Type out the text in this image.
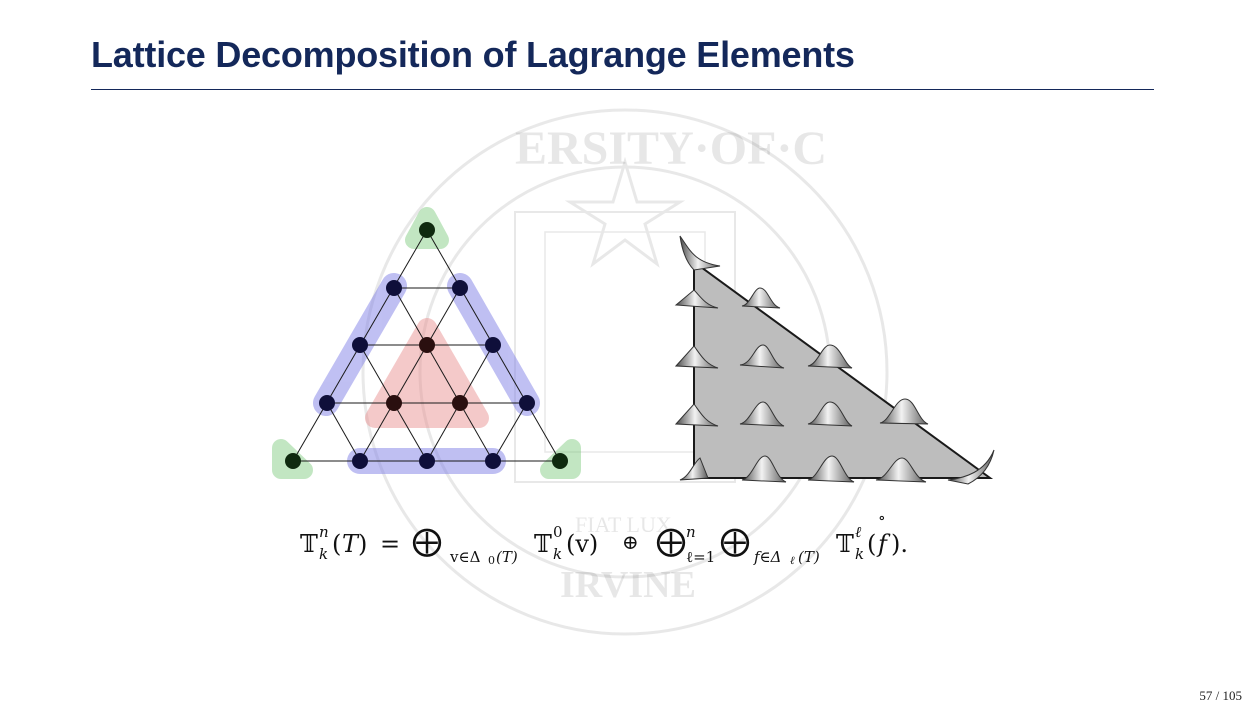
Lattice Decomposition of Lagrange Elements
ERSITY·OF·C
IRVINE
FIAT LUX
𝕋 n
k ( T ) = ⨁ v∈Δ 0 (T) 𝕋 0
k (v) ⊕ ⨁ n
ℓ=1 ⨁ f∈Δ ℓ (T) 𝕋 ℓ
k ( f
∘
).
57 / 105
